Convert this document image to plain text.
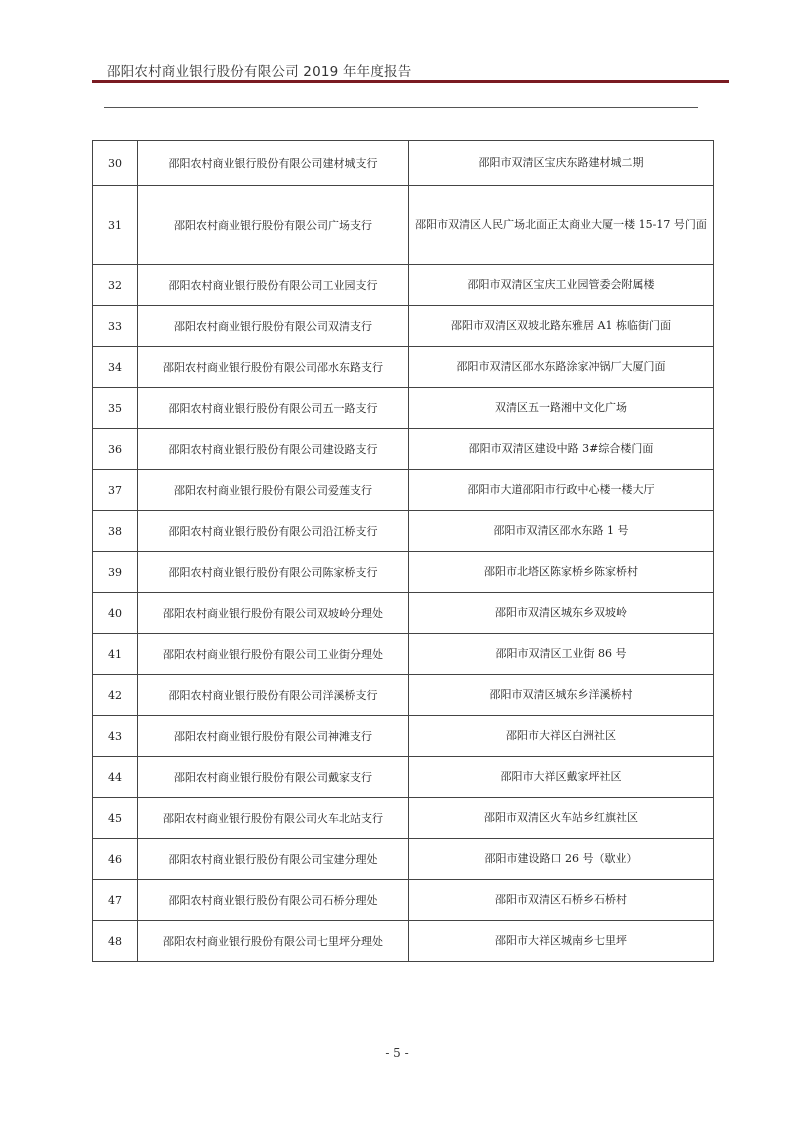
邵阳农村商业银行股份有限公司 2019 年年度报告
30	邵阳农村商业银行股份有限公司建材城支行	邵阳市双清区宝庆东路建材城二期
31	邵阳农村商业银行股份有限公司广场支行	邵阳市双清区人民广场北面正太商业大厦一楼 15-17 号门面
32	邵阳农村商业银行股份有限公司工业园支行	邵阳市双清区宝庆工业园管委会附属楼
33	邵阳农村商业银行股份有限公司双清支行	邵阳市双清区双坡北路东雅居 A1 栋临街门面
34	邵阳农村商业银行股份有限公司邵水东路支行	邵阳市双清区邵水东路涂家冲锅厂大厦门面
35	邵阳农村商业银行股份有限公司五一路支行	双清区五一路湘中文化广场
36	邵阳农村商业银行股份有限公司建设路支行	邵阳市双清区建设中路 3#综合楼门面
37	邵阳农村商业银行股份有限公司爱莲支行	邵阳市大道邵阳市行政中心楼一楼大厅
38	邵阳农村商业银行股份有限公司沿江桥支行	邵阳市双清区邵水东路 1 号
39	邵阳农村商业银行股份有限公司陈家桥支行	邵阳市北塔区陈家桥乡陈家桥村
40	邵阳农村商业银行股份有限公司双坡岭分理处	邵阳市双清区城东乡双坡岭
41	邵阳农村商业银行股份有限公司工业街分理处	邵阳市双清区工业街 86 号
42	邵阳农村商业银行股份有限公司洋溪桥支行	邵阳市双清区城东乡洋溪桥村
43	邵阳农村商业银行股份有限公司神滩支行	邵阳市大祥区白洲社区
44	邵阳农村商业银行股份有限公司戴家支行	邵阳市大祥区戴家坪社区
45	邵阳农村商业银行股份有限公司火车北站支行	邵阳市双清区火车站乡红旗社区
46	邵阳农村商业银行股份有限公司宝建分理处	邵阳市建设路口 26 号（歇业）
47	邵阳农村商业银行股份有限公司石桥分理处	邵阳市双清区石桥乡石桥村
48	邵阳农村商业银行股份有限公司七里坪分理处	邵阳市大祥区城南乡七里坪
- 5 -
